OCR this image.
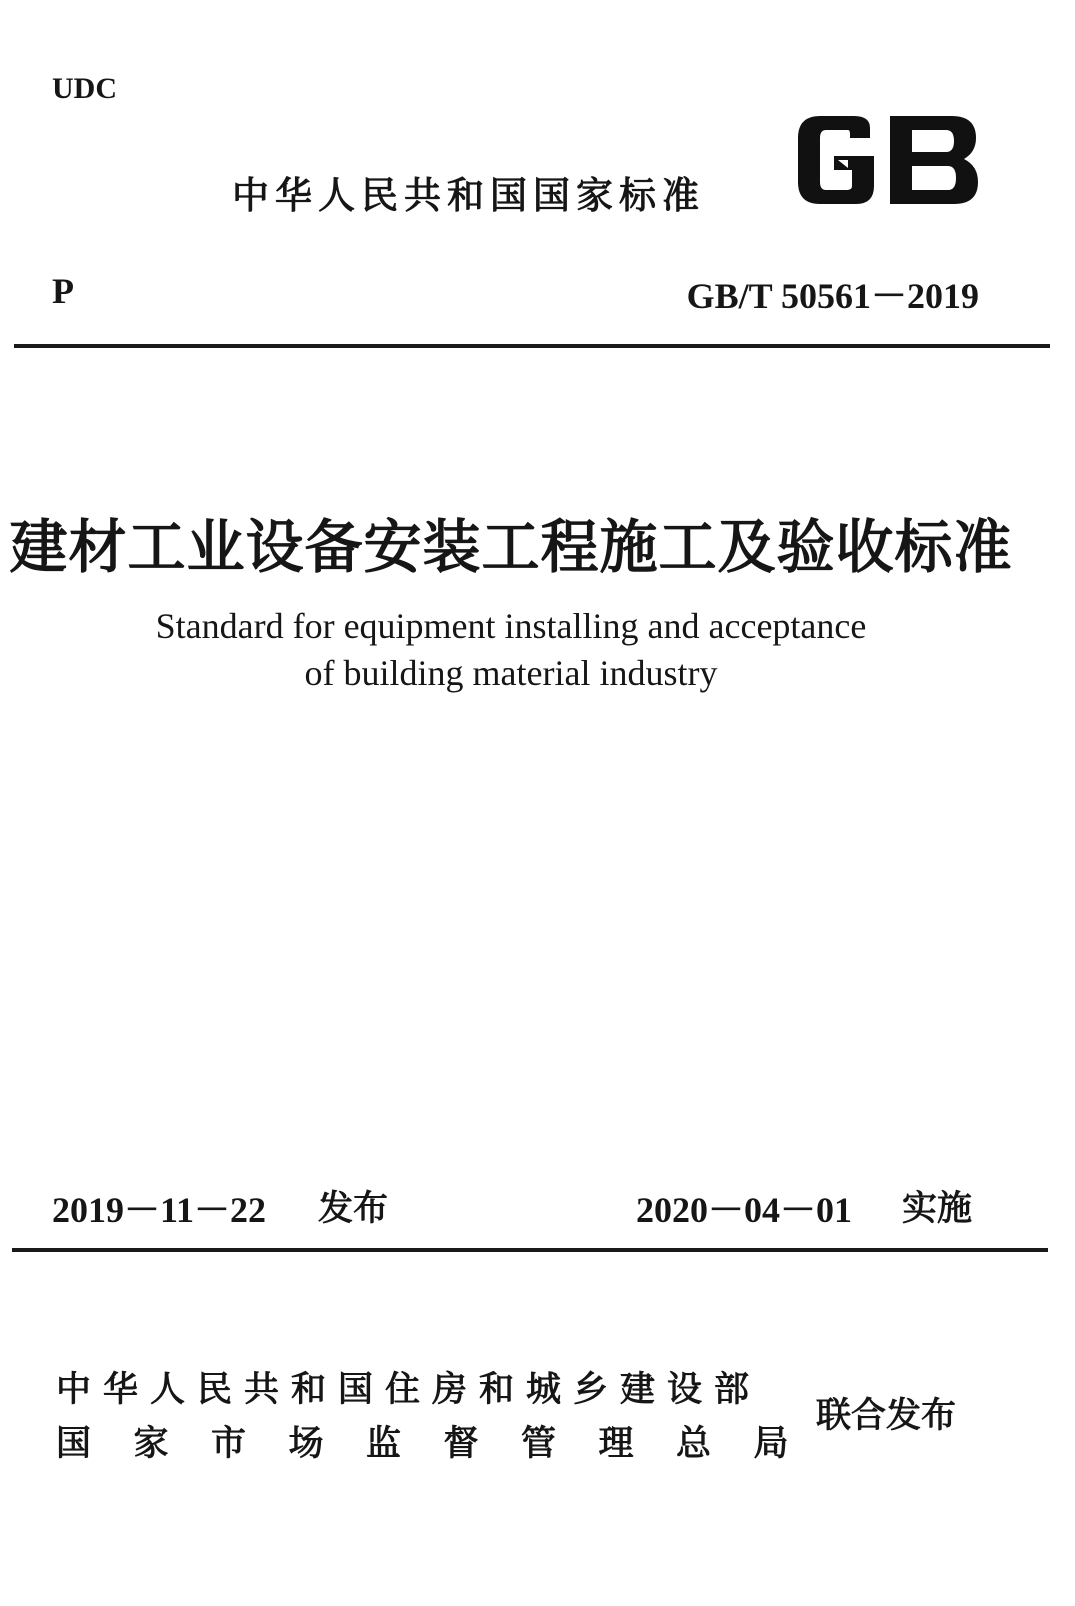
UDC
中华人民共和国国家标准
P	GB/T 50561－2019
建材工业设备安装工程施工及验收标准
Standard for equipment installing and acceptance
of building material industry
2019－11－22 发布	2020－04－01 实施
中华人民共和国住房和城乡建设部
国家市场监督管理总局
联合发布
